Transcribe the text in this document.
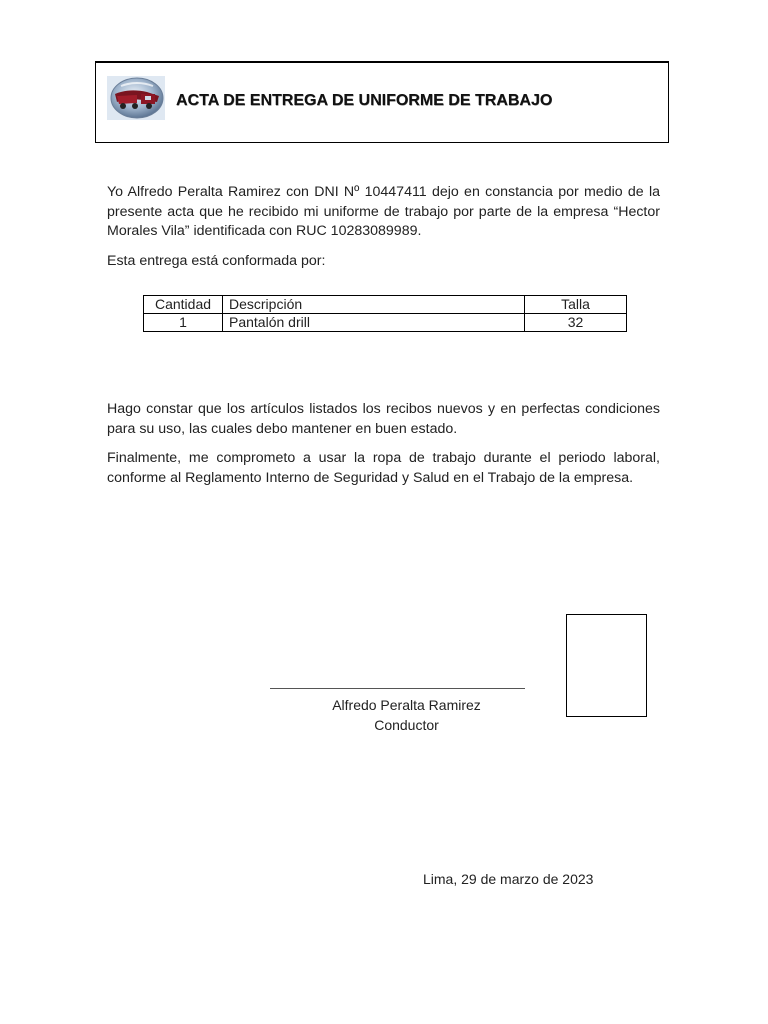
ACTA DE ENTREGA DE UNIFORME DE TRABAJO

Yo Alfredo Peralta Ramirez con DNI Nº 10447411 dejo en constancia por medio de la presente acta que he recibido mi uniforme de trabajo por parte de la empresa “Hector Morales Vila” identificada con RUC 10283089989.

Esta entrega está conformada por:

Cantidad	Descripción	Talla
1	Pantalón drill	32

Hago constar que los artículos listados los recibos nuevos y en perfectas condiciones para su uso, las cuales debo mantener en buen estado.

Finalmente, me comprometo a usar la ropa de trabajo durante el periodo laboral, conforme al Reglamento Interno de Seguridad y Salud en el Trabajo de la empresa.

Alfredo Peralta Ramirez
Conductor
Lima, 29 de marzo de 2023
